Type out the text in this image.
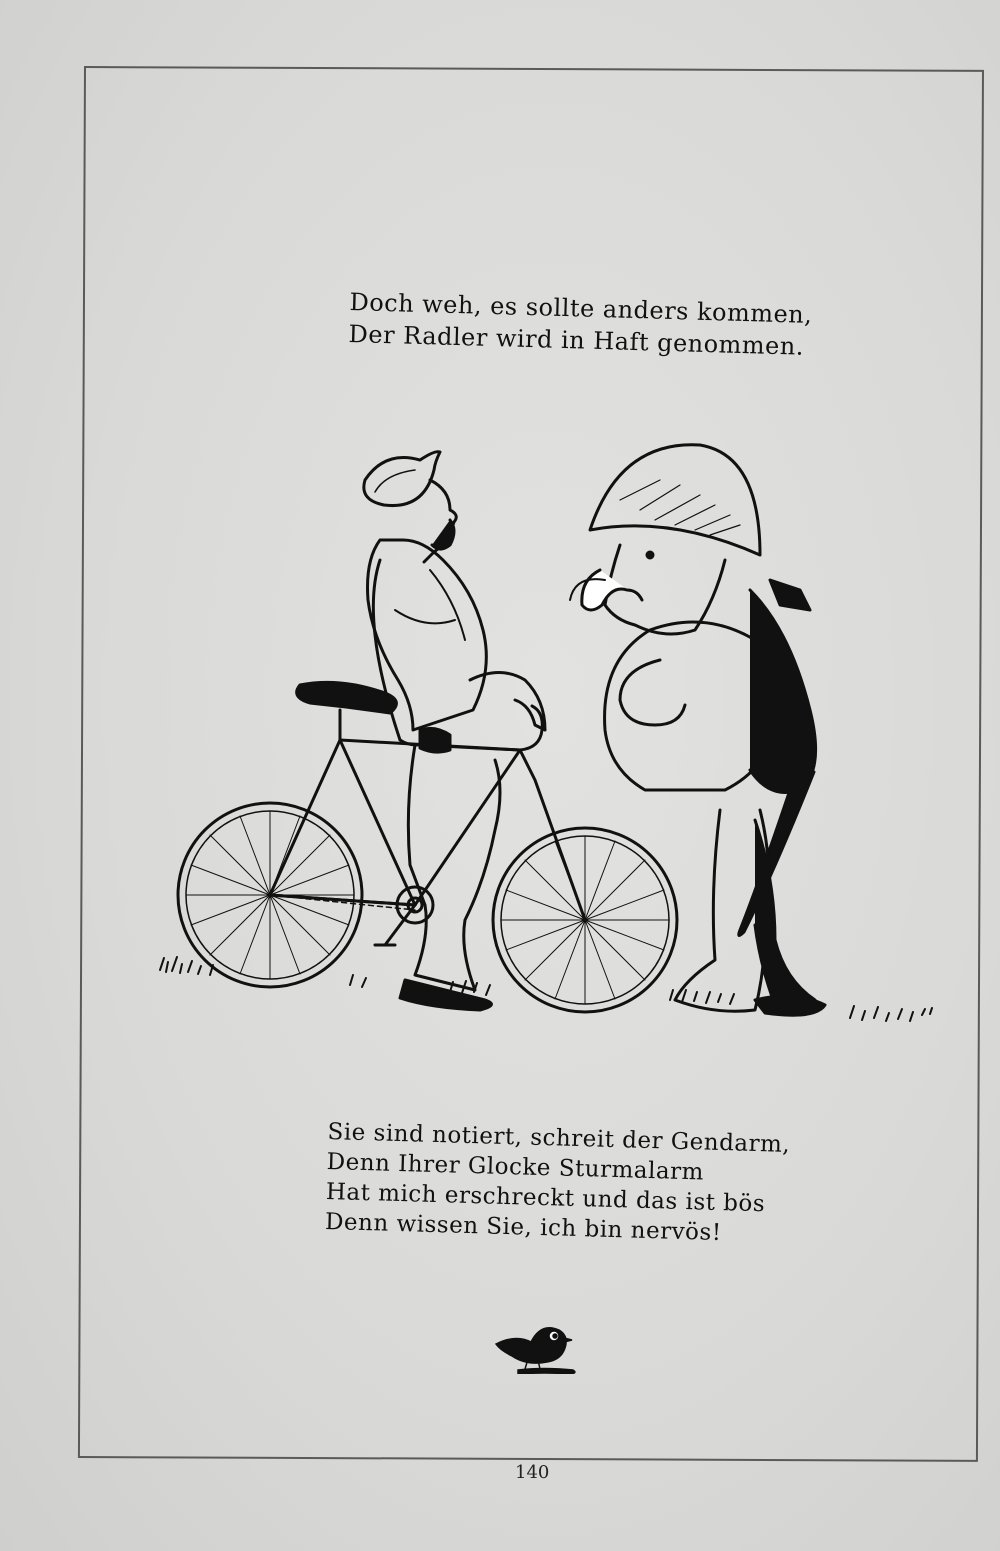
Doch weh, es sollte anders kommen,
Der Radler wird in Haft genommen.
Sie sind notiert, schreit der Gendarm,
Denn Ihrer Glocke Sturmalarm
Hat mich erschreckt und das ist bös
Denn wissen Sie, ich bin nervös!
140
